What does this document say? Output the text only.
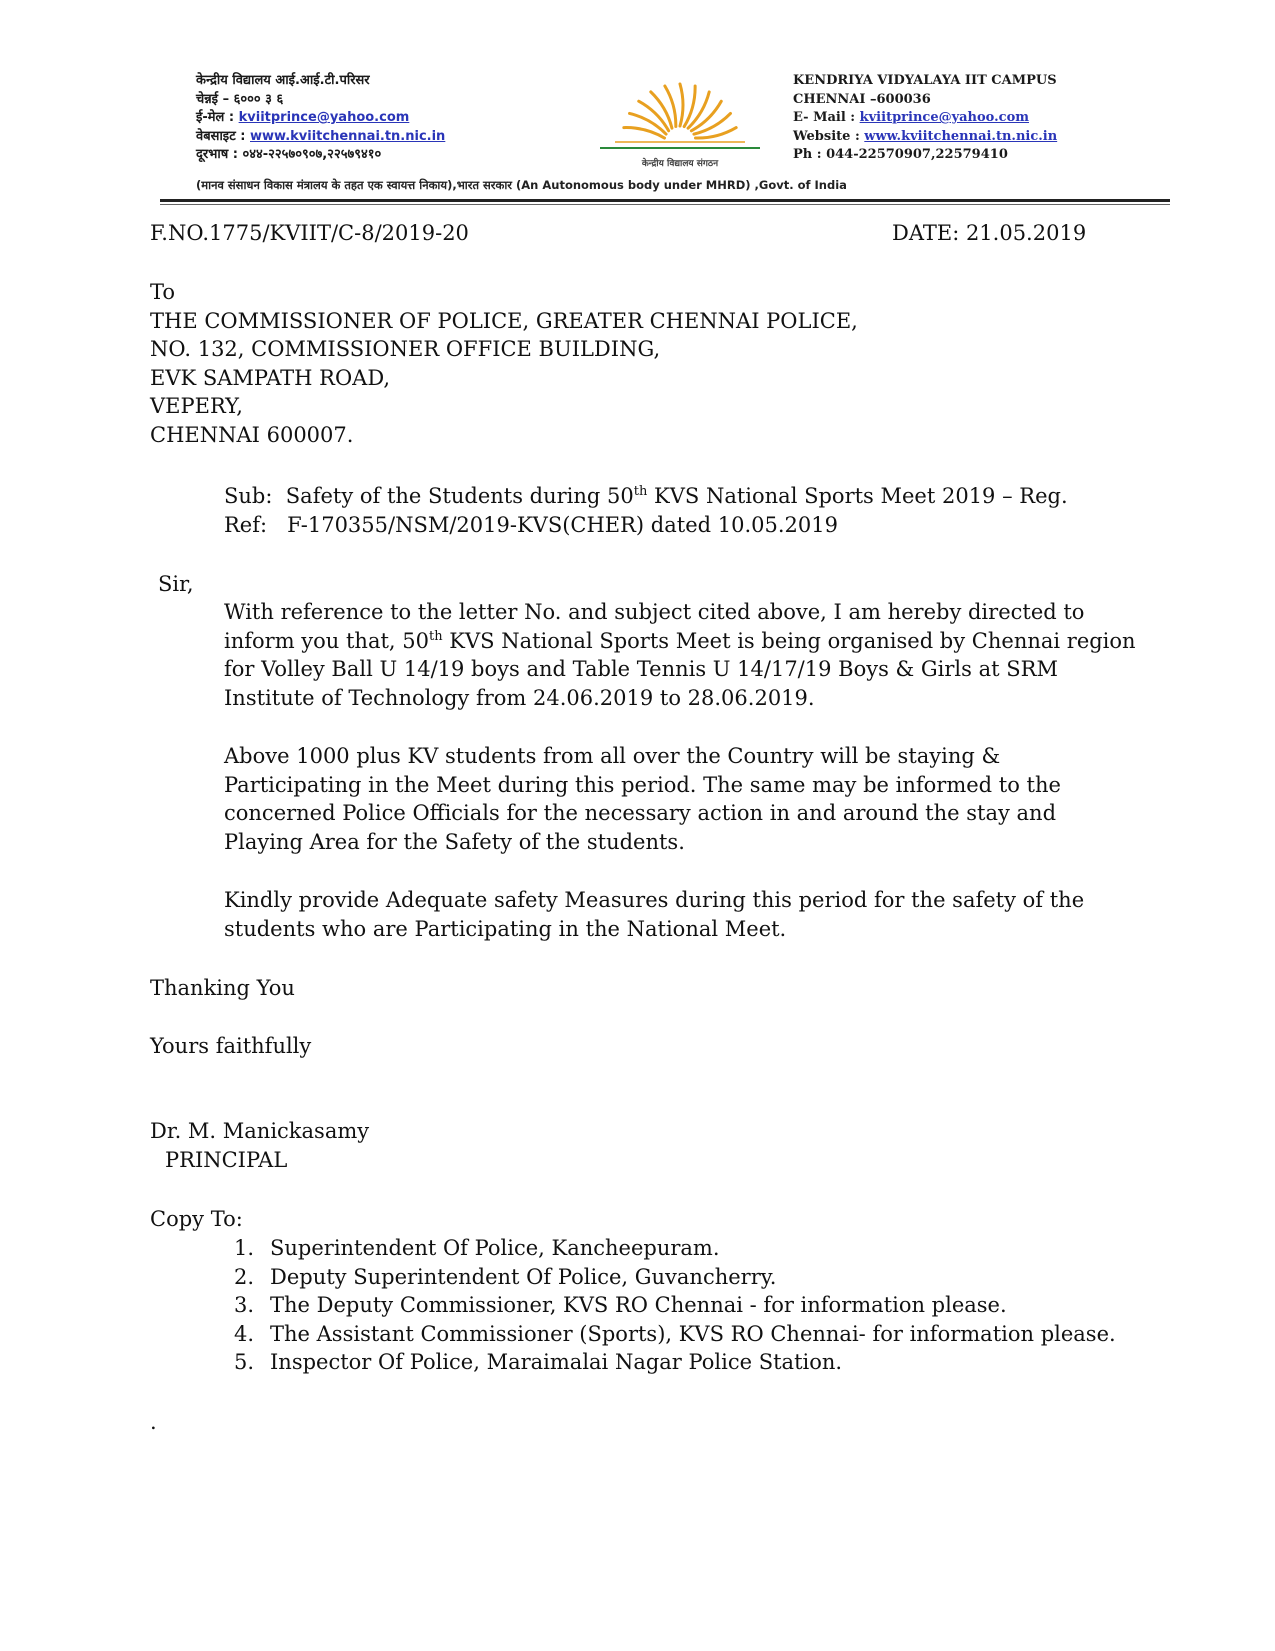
केन्द्रीय विद्यालय आई.आई.टी.परिसर
चेन्नई – ६००० ३ ६
ई-मेल : kviitprince@yahoo.com
वेबसाइट : www.kviitchennai.tn.nic.in
दूरभाष : ०४४-२२५७०९०७,२२५७९४१०
केन्द्रीय विद्यालय संगठन
KENDRIYA VIDYALAYA IIT CAMPUS
CHENNAI –600036
E- Mail : kviitprince@yahoo.com
Website : www.kviitchennai.tn.nic.in
Ph : 044-22570907,22579410
(मानव संसाधन विकास मंत्रालय के तहत एक स्वायत्त निकाय),भारत सरकार (An Autonomous body under MHRD) ,Govt. of India
F.NO.1775/KVIIT/C-8/2019-20	DATE: 21.05.2019
To
THE COMMISSIONER OF POLICE, GREATER CHENNAI POLICE,
NO. 132, COMMISSIONER OFFICE BUILDING,
EVK SAMPATH ROAD,
VEPERY,
CHENNAI 600007.
Sub: Safety of the Students during 50th KVS National Sports Meet 2019 – Reg.
Ref: F-170355/NSM/2019-KVS(CHER) dated 10.05.2019
Sir,
With reference to the letter No. and subject cited above, I am hereby directed to
inform you that, 50th KVS National Sports Meet is being organised by Chennai region
for Volley Ball U 14/19 boys and Table Tennis U 14/17/19 Boys & Girls at SRM
Institute of Technology from 24.06.2019 to 28.06.2019.
Above 1000 plus KV students from all over the Country will be staying &
Participating in the Meet during this period. The same may be informed to the
concerned Police Officials for the necessary action in and around the stay and
Playing Area for the Safety of the students.
Kindly provide Adequate safety Measures during this period for the safety of the
students who are Participating in the National Meet.
Thanking You
Yours faithfully
Dr. M. Manickasamy
PRINCIPAL
Copy To:
1. Superintendent Of Police, Kancheepuram.
2. Deputy Superintendent Of Police, Guvancherry.
3. The Deputy Commissioner, KVS RO Chennai - for information please.
4. The Assistant Commissioner (Sports), KVS RO Chennai- for information please.
5. Inspector Of Police, Maraimalai Nagar Police Station.
.
